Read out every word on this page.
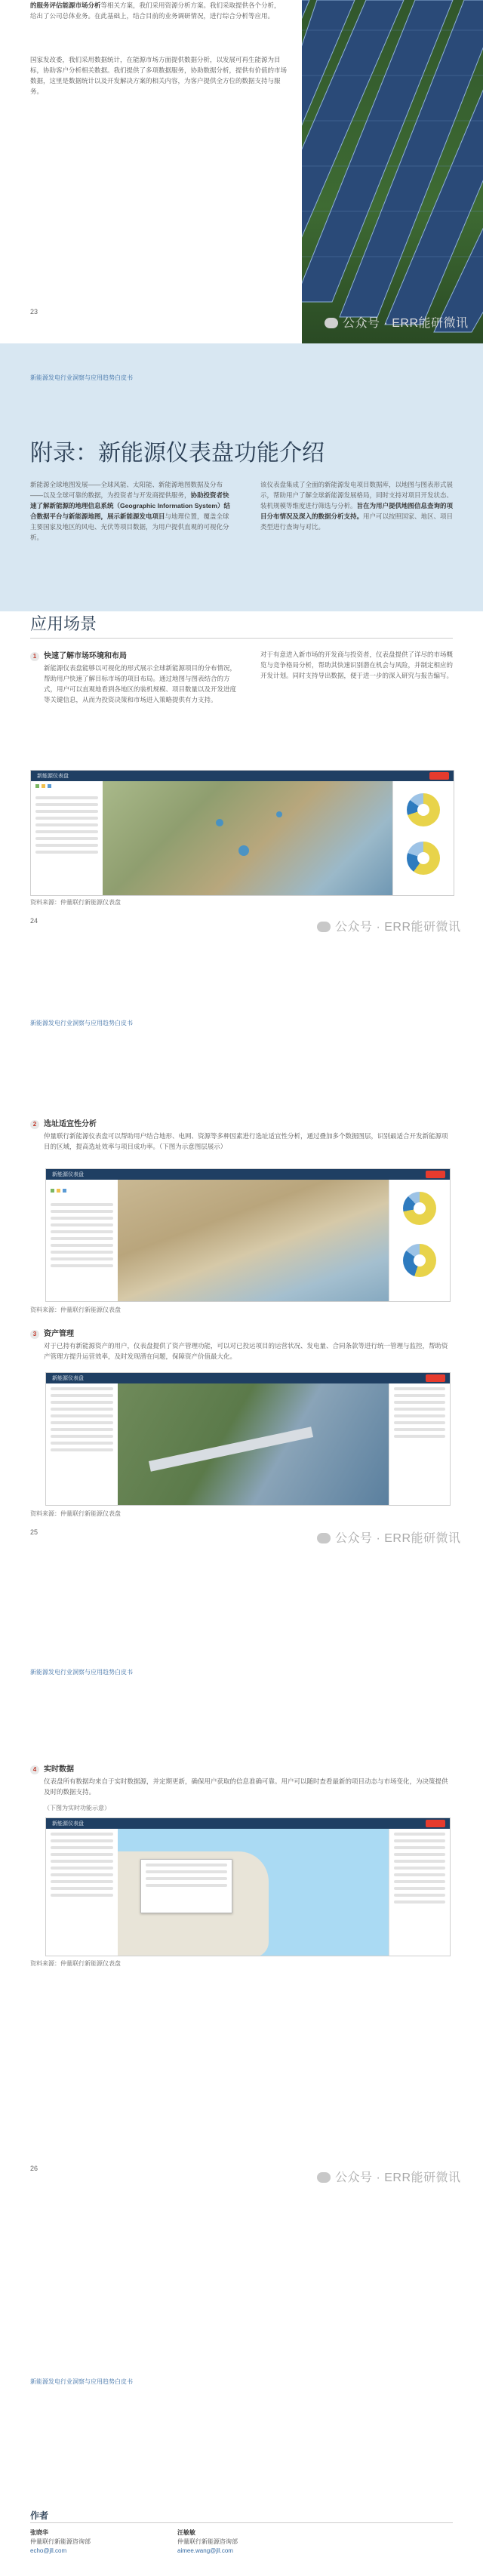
的服务评估能源市场分析等相关方案，我们采用资源分析方案。我们采取提供各个分析，给出了公司总体业务。在此基础上，结合目前的业务调研情况，进行综合分析等应用。
国家发改委，我们采用数据统计，在能源市场方面提供数据分析，以发展可再生能源为目标，协助客户分析相关数据。我们提供了多项数据服务，协助数据分析，提供有价值的市场数据，这里是数据统计以及开发解决方案的相关内容，为客户提供全方位的数据支持与服务。
23
公众号 · ERR能研微讯
新能源发电行业洞察与应用趋势白皮书
附录：新能源仪表盘功能介绍
新能源全球地图发展——全球风能、太阳能、新能源地图数据及分布——以及全球可靠的数据，为投资者与开发商提供服务，协助投资者快速了解新能源的地理信息系统（Geographic Information System）结合数据平台与新能源地图，展示新能源发电项目与地理位置，覆盖全球主要国家及地区的风电、光伏等项目数据，为用户提供直观的可视化分析。
该仪表盘集成了全面的新能源发电项目数据库，以地图与图表形式展示，帮助用户了解全球新能源发展格局，同时支持对项目开发状态、装机规模等维度进行筛选与分析。旨在为用户提供地图信息查询的项目分布情况及深入的数据分析支持。用户可以按照国家、地区、项目类型进行查询与对比。
应用场景
1 快速了解市场环境和布局
新能源仪表盘能够以可视化的形式展示全球新能源项目的分布情况，帮助用户快速了解目标市场的项目布局。通过地图与图表结合的方式，用户可以直观地看到各地区的装机规模、项目数量以及开发进度等关键信息，从而为投资决策和市场进入策略提供有力支持。
对于有意进入新市场的开发商与投资者，仪表盘提供了详尽的市场概览与竞争格局分析，帮助其快速识别潜在机会与风险，并制定相应的开发计划。同时支持导出数据，便于进一步的深入研究与报告编写。
新能源仪表盘
资料来源：仲量联行新能源仪表盘
24	公众号 · ERR能研微讯
新能源发电行业洞察与应用趋势白皮书
2 选址适宜性分析
仲量联行新能源仪表盘可以帮助用户结合地形、电网、资源等多种因素进行选址适宜性分析，通过叠加多个数据图层，识别最适合开发新能源项目的区域，提高选址效率与项目成功率。（下图为示意图层展示）
新能源仪表盘
资料来源：仲量联行新能源仪表盘
3 资产管理
对于已持有新能源资产的用户，仪表盘提供了资产管理功能，可以对已投运项目的运营状况、发电量、合同条款等进行统一管理与监控，帮助资产管理方提升运营效率，及时发现潜在问题，保障资产价值最大化。
新能源仪表盘
资料来源：仲量联行新能源仪表盘
25	公众号 · ERR能研微讯
新能源发电行业洞察与应用趋势白皮书
4 实时数据
仪表盘所有数据均来自于实时数据源，并定期更新，确保用户获取的信息准确可靠。用户可以随时查看最新的项目动态与市场变化，为决策提供及时的数据支持。
（下图为实时功能示意）
新能源仪表盘
资料来源：仲量联行新能源仪表盘
26
公众号 · ERR能研微讯
新能源发电行业洞察与应用趋势白皮书
作者
张晓华
仲量联行新能源咨询部
echo@jll.com
汪敏敏
仲量联行新能源咨询部
aimee.wang@jll.com
